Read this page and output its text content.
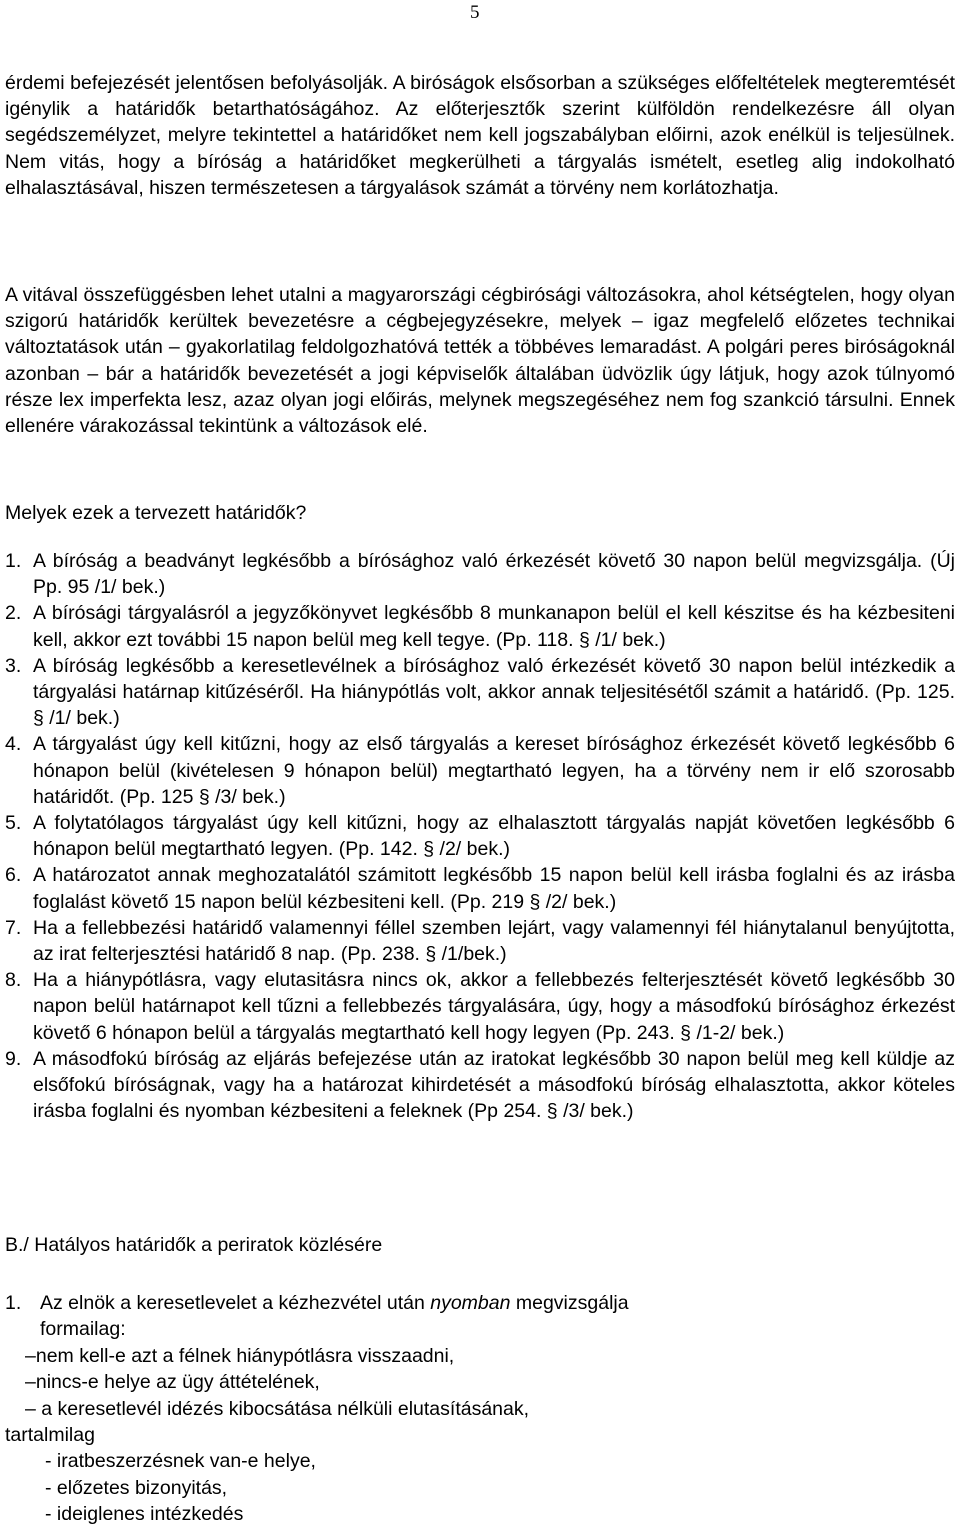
5

érdemi befejezését jelentősen befolyásolják. A biróságok elsősorban a szükséges előfeltételek megteremtését igénylik a határidők betarthatóságához. Az előterjesztők szerint külföldön rendelkezésre áll olyan segédszemélyzet, melyre tekintettel a határidőket nem kell jogszabályban előirni, azok enélkül is teljesülnek. Nem vitás, hogy a bíróság a határidőket megkerülheti a tárgyalás ismételt, esetleg alig indokolható elhalasztásával, hiszen természetesen a tárgyalások számát a törvény nem korlátozhatja.

A vitával összefüggésben lehet utalni a magyarországi cégbirósági változásokra, ahol kétségtelen, hogy olyan szigorú határidők kerültek bevezetésre a cégbejegyzésekre, melyek – igaz megfelelő előzetes technikai változtatások után – gyakorlatilag feldolgozhatóvá tették a többéves lemaradást. A polgári peres biróságoknál azonban – bár a határidők bevezetését a jogi képviselők általában üdvözlik úgy látjuk, hogy azok túlnyomó része lex imperfekta lesz, azaz olyan jogi előirás, melynek megszegéséhez nem fog szankció társulni. Ennek ellenére várakozással tekintünk a változások elé.

Melyek ezek a tervezett határidők?

1. A bíróság a beadványt legkésőbb a bírósághoz való érkezését követő 30 napon belül megvizsgálja. (Új Pp. 95 /1/ bek.)
2. A bírósági tárgyalásról a jegyzőkönyvet legkésőbb 8 munkanapon belül el kell készitse és ha kézbesiteni kell, akkor ezt további 15 napon belül meg kell tegye. (Pp. 118. § /1/ bek.)
3. A bíróság legkésőbb a keresetlevélnek a bírósághoz való érkezését követő 30 napon belül intézkedik a tárgyalási határnap kitűzéséről. Ha hiánypótlás volt, akkor annak teljesitésétől számit a határidő. (Pp. 125. § /1/ bek.)
4. A tárgyalást úgy kell kitűzni, hogy az első tárgyalás a kereset bírósághoz érkezését követő legkésőbb 6 hónapon belül (kivételesen 9 hónapon belül) megtartható legyen, ha a törvény nem ir elő szorosabb határidőt. (Pp. 125 § /3/ bek.)
5. A folytatólagos tárgyalást úgy kell kitűzni, hogy az elhalasztott tárgyalás napját követően legkésőbb 6 hónapon belül megtartható legyen. (Pp. 142. § /2/ bek.)
6. A határozatot annak meghozatalától számitott legkésőbb 15 napon belül kell irásba foglalni és az irásba foglalást követő 15 napon belül kézbesiteni kell. (Pp. 219 § /2/ bek.)
7. Ha a fellebbezési határidő valamennyi féllel szemben lejárt, vagy valamennyi fél hiánytalanul benyújtotta, az irat felterjesztési határidő 8 nap. (Pp. 238. § /1/bek.)
8. Ha a hiánypótlásra, vagy elutasitásra nincs ok, akkor a fellebbezés felterjesztését követő legkésőbb 30 napon belül határnapot kell tűzni a fellebbezés tárgyalására, úgy, hogy a másodfokú bírósághoz érkezést követő 6 hónapon belül a tárgyalás megtartható kell hogy legyen (Pp. 243. § /1-2/ bek.)
9. A másodfokú bíróság az eljárás befejezése után az iratokat legkésőbb 30 napon belül meg kell küldje az elsőfokú bíróságnak, vagy ha a határozat kihirdetését a másodfokú bíróság elhalasztotta, akkor köteles irásba foglalni és nyomban kézbesiteni a feleknek (Pp 254. § /3/ bek.)
B./ Hatályos határidők a periratok közlésére
1. Az elnök a keresetlevelet a kézhezvétel után nyomban megvizsgálja
formailag:
–nem kell-e azt a félnek hiánypótlásra visszaadni,
–nincs-e helye az ügy áttételének,
– a keresetlevél idézés kibocsátása nélküli elutasításának,
tartalmilag
- iratbeszerzésnek van-e helye,
- előzetes bizonyitás,
- ideiglenes intézkedés
